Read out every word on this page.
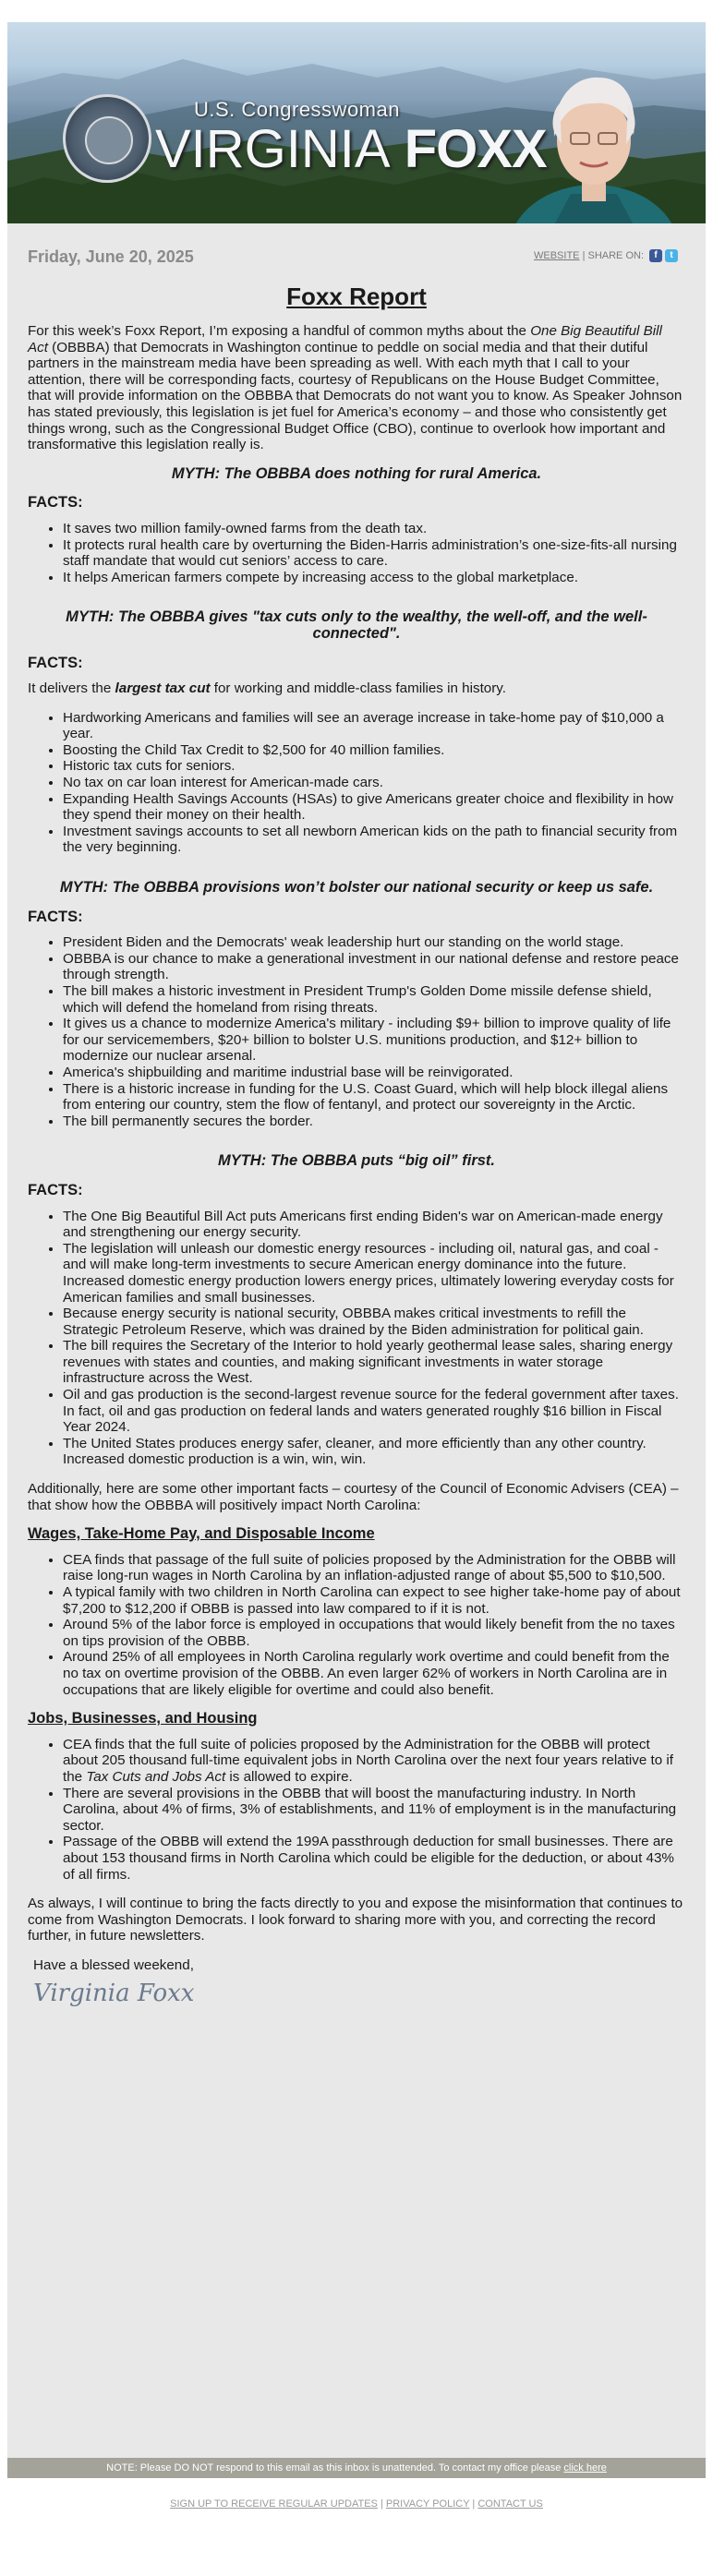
U.S. Congresswoman
VIRGINIA FOXX
Friday, June 20, 2025	WEBSITE | SHARE ON: f t
Foxx Report

For this week’s Foxx Report, I’m exposing a handful of common myths about the One Big Beautiful Bill Act (OBBBA) that Democrats in Washington continue to peddle on social media and that their dutiful partners in the mainstream media have been spreading as well. With each myth that I call to your attention, there will be corresponding facts, courtesy of Republicans on the House Budget Committee, that will provide information on the OBBBA that Democrats do not want you to know. As Speaker Johnson has stated previously, this legislation is jet fuel for America’s economy – and those who consistently get things wrong, such as the Congressional Budget Office (CBO), continue to overlook how important and transformative this legislation really is.

MYTH: The OBBBA does nothing for rural America.
FACTS:
• It saves two million family-owned farms from the death tax.
• It protects rural health care by overturning the Biden-Harris administration’s one-size-fits-all nursing staff mandate that would cut seniors’ access to care.
• It helps American farmers compete by increasing access to the global marketplace.
MYTH: The OBBBA gives "tax cuts only to the wealthy, the well-off, and the well-connected".
FACTS:

It delivers the largest tax cut for working and middle-class families in history.

• Hardworking Americans and families will see an average increase in take-home pay of $10,000 a year.
• Boosting the Child Tax Credit to $2,500 for 40 million families.
• Historic tax cuts for seniors.
• No tax on car loan interest for American-made cars.
• Expanding Health Savings Accounts (HSAs) to give Americans greater choice and flexibility in how they spend their money on their health.
• Investment savings accounts to set all newborn American kids on the path to financial security from the very beginning.
MYTH: The OBBBA provisions won’t bolster our national security or keep us safe.
FACTS:
• President Biden and the Democrats' weak leadership hurt our standing on the world stage.
• OBBBA is our chance to make a generational investment in our national defense and restore peace through strength.
• The bill makes a historic investment in President Trump's Golden Dome missile defense shield, which will defend the homeland from rising threats.
• It gives us a chance to modernize America's military - including $9+ billion to improve quality of life for our servicemembers, $20+ billion to bolster U.S. munitions production, and $12+ billion to modernize our nuclear arsenal.
• America's shipbuilding and maritime industrial base will be reinvigorated.
• There is a historic increase in funding for the U.S. Coast Guard, which will help block illegal aliens from entering our country, stem the flow of fentanyl, and protect our sovereignty in the Arctic.
• The bill permanently secures the border.
MYTH: The OBBBA puts “big oil” first.
FACTS:
• The One Big Beautiful Bill Act puts Americans first ending Biden's war on American-made energy and strengthening our energy security.
• The legislation will unleash our domestic energy resources - including oil, natural gas, and coal - and will make long-term investments to secure American energy dominance into the future. Increased domestic energy production lowers energy prices, ultimately lowering everyday costs for American families and small businesses.
• Because energy security is national security, OBBBA makes critical investments to refill the Strategic Petroleum Reserve, which was drained by the Biden administration for political gain.
• The bill requires the Secretary of the Interior to hold yearly geothermal lease sales, sharing energy revenues with states and counties, and making significant investments in water storage infrastructure across the West.
• Oil and gas production is the second-largest revenue source for the federal government after taxes. In fact, oil and gas production on federal lands and waters generated roughly $16 billion in Fiscal Year 2024.
• The United States produces energy safer, cleaner, and more efficiently than any other country. Increased domestic production is a win, win, win.

Additionally, here are some other important facts – courtesy of the Council of Economic Advisers (CEA) – that show how the OBBBA will positively impact North Carolina:

Wages, Take-Home Pay, and Disposable Income
• CEA finds that passage of the full suite of policies proposed by the Administration for the OBBB will raise long-run wages in North Carolina by an inflation-adjusted range of about $5,500 to $10,500.
• A typical family with two children in North Carolina can expect to see higher take-home pay of about $7,200 to $12,200 if OBBB is passed into law compared to if it is not.
• Around 5% of the labor force is employed in occupations that would likely benefit from the no taxes on tips provision of the OBBB.
• Around 25% of all employees in North Carolina regularly work overtime and could benefit from the no tax on overtime provision of the OBBB. An even larger 62% of workers in North Carolina are in occupations that are likely eligible for overtime and could also benefit.
Jobs, Businesses, and Housing
• CEA finds that the full suite of policies proposed by the Administration for the OBBB will protect about 205 thousand full-time equivalent jobs in North Carolina over the next four years relative to if the Tax Cuts and Jobs Act is allowed to expire.
• There are several provisions in the OBBB that will boost the manufacturing industry. In North Carolina, about 4% of firms, 3% of establishments, and 11% of employment is in the manufacturing sector.
• Passage of the OBBB will extend the 199A passthrough deduction for small businesses. There are about 153 thousand firms in North Carolina which could be eligible for the deduction, or about 43% of all firms.

As always, I will continue to bring the facts directly to you and expose the misinformation that continues to come from Washington Democrats. I look forward to sharing more with you, and correcting the record further, in future newsletters.

Have a blessed weekend,

Virginia Foxx
NOTE: Please DO NOT respond to this email as this inbox is unattended. To contact my office please click here
SIGN UP TO RECEIVE REGULAR UPDATES | PRIVACY POLICY | CONTACT US
